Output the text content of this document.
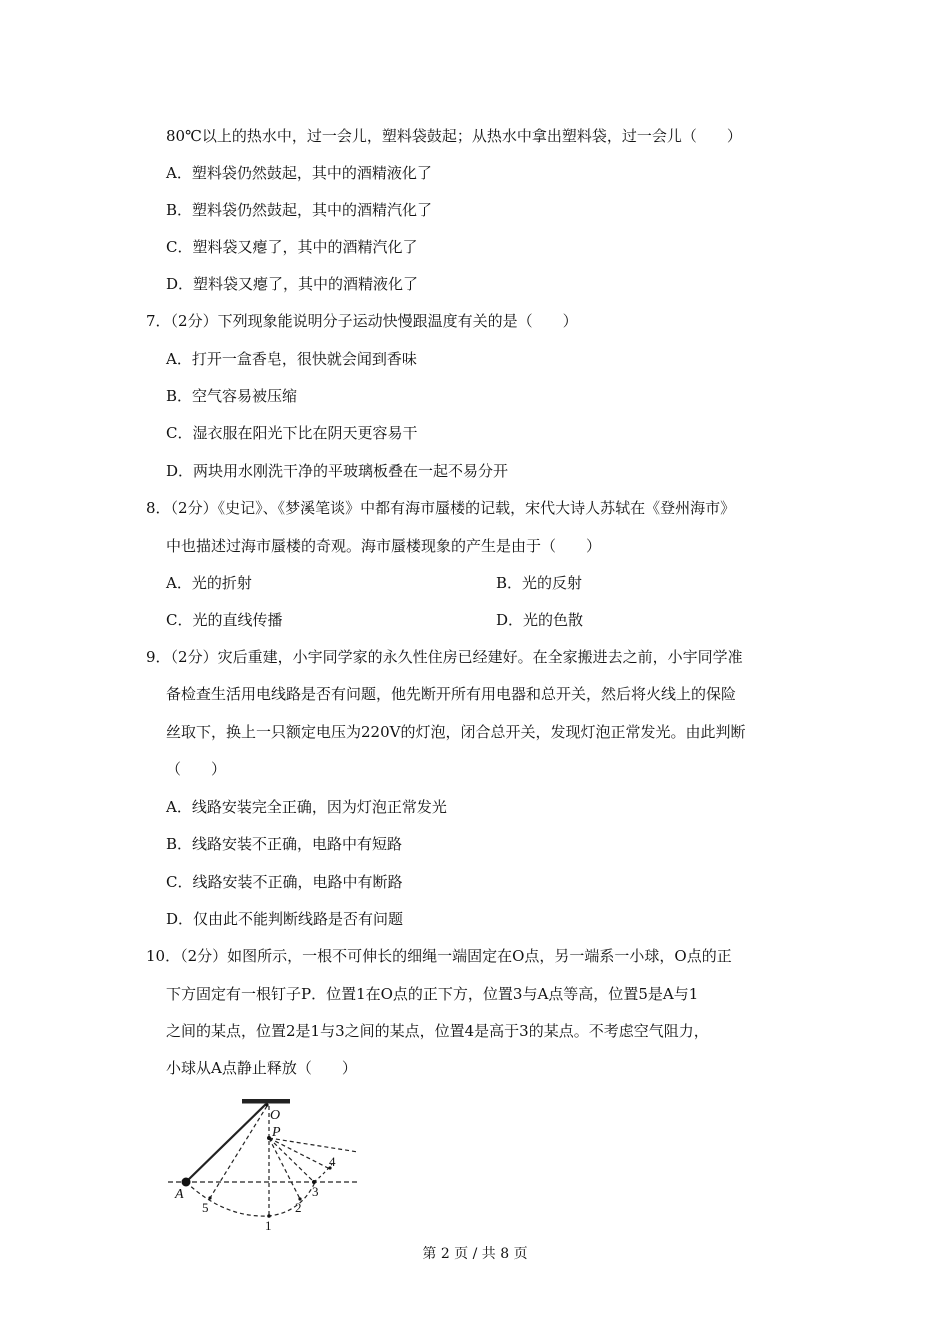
80℃以上的热水中，过一会儿，塑料袋鼓起；从热水中拿出塑料袋，过一会儿（　　）
A．塑料袋仍然鼓起，其中的酒精液化了
B．塑料袋仍然鼓起，其中的酒精汽化了
C．塑料袋又瘪了，其中的酒精汽化了
D．塑料袋又瘪了，其中的酒精液化了
7．（2分）下列现象能说明分子运动快慢跟温度有关的是（　　）
A．打开一盒香皂，很快就会闻到香味
B．空气容易被压缩
C．湿衣服在阳光下比在阴天更容易干
D．两块用水刚洗干净的平玻璃板叠在一起不易分开
8．（2分）《史记》、《梦溪笔谈》中都有海市蜃楼的记载，宋代大诗人苏轼在《登州海市》
中也描述过海市蜃楼的奇观。海市蜃楼现象的产生是由于（　　）
A．光的折射	B．光的反射
C．光的直线传播	D．光的色散
9．（2分）灾后重建，小宇同学家的永久性住房已经建好。在全家搬进去之前，小宇同学准
备检查生活用电线路是否有问题，他先断开所有用电器和总开关，然后将火线上的保险
丝取下，换上一只额定电压为220V的灯泡，闭合总开关，发现灯泡正常发光。由此判断
（　　）
A．线路安装完全正确，因为灯泡正常发光
B．线路安装不正确，电路中有短路
C．线路安装不正确，电路中有断路
D．仅由此不能判断线路是否有问题
10．（2分）如图所示，一根不可伸长的细绳一端固定在O点，另一端系一小球，O点的正
下方固定有一根钉子P．位置1在O点的正下方，位置3与A点等高，位置5是A与1
之间的某点，位置2是1与3之间的某点，位置4是高于3的某点。不考虑空气阻力，
小球从A点静止释放（　　）
O
P
A
1
2
3
4
5
第 2 页 / 共 8 页
